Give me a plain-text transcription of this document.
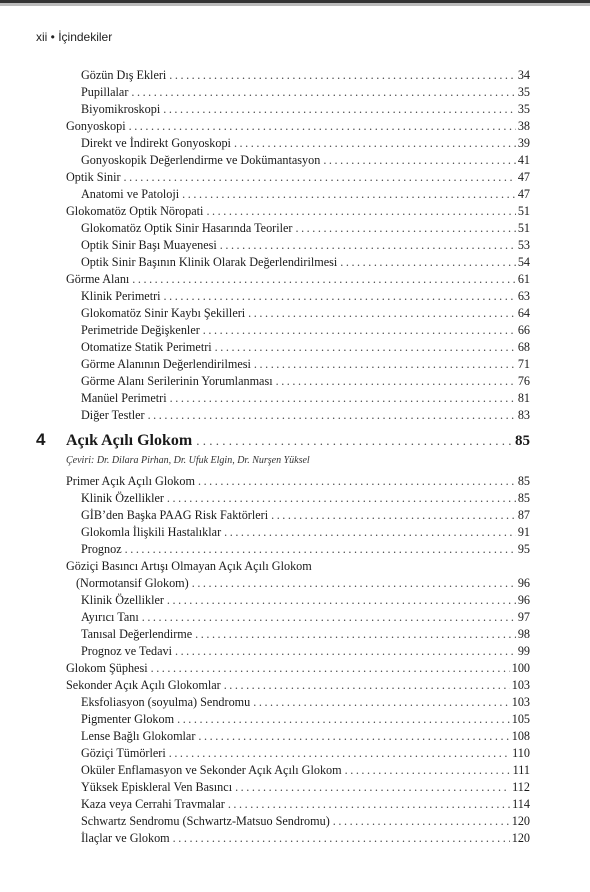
xii • İçindekiler
Gözün Dış Ekleri . . .	34
Pupillalar . . .	35
Biyomikroskopi . . .	35
Gonyoskopi . . .	38
Direkt ve İndirekt Gonyoskopi . . .	39
Gonyoskopik Değerlendirme ve Dokümantasyon . . .	41
Optik Sinir . . .	47
Anatomi ve Patoloji . . .	47
Glokomatöz Optik Nöropati . . .	51
Glokomatöz Optik Sinir Hasarında Teoriler . . .	51
Optik Sinir Başı Muayenesi . . .	53
Optik Sinir Başının Klinik Olarak Değerlendirilmesi . . .	54
Görme Alanı . . .	61
Klinik Perimetri . . .	63
Glokomatöz Sinir Kaybı Şekilleri . . .	64
Perimetride Değişkenler . . .	66
Otomatize Statik Perimetri . . .	68
Görme Alanının Değerlendirilmesi . . .	71
Görme Alanı Serilerinin Yorumlanması . . .	76
Manüel Perimetri . . .	81
Diğer Testler . . .	83
4	Açık Açılı Glokom . . .	85
Çeviri: Dr. Dilara Pirhan, Dr. Ufuk Elgin, Dr. Nurşen Yüksel
Primer Açık Açılı Glokom . . .	85
Klinik Özellikler . . .	85
GİB’den Başka PAAG Risk Faktörleri . . .	87
Glokomla İlişkili Hastalıklar . . .	91
Prognoz . . .	95
Göziçi Basıncı Artışı Olmayan Açık Açılı Glokom
(Normotansif Glokom) . . .	96
Klinik Özellikler . . .	96
Ayırıcı Tanı . . .	97
Tanısal Değerlendirme . . .	98
Prognoz ve Tedavi . . .	99
Glokom Şüphesi . . .	100
Sekonder Açık Açılı Glokomlar . . .	103
Eksfoliasyon (soyulma) Sendromu . . .	103
Pigmenter Glokom . . .	105
Lense Bağlı Glokomlar . . .	108
Göziçi Tümörleri . . .	110
Oküler Enflamasyon ve Sekonder Açık Açılı Glokom . . .	111
Yüksek Episkleral Ven Basıncı . . .	112
Kaza veya Cerrahi Travmalar . . .	114
Schwartz Sendromu (Schwartz-Matsuo Sendromu) . . .	120
İlaçlar ve Glokom . . .	120
